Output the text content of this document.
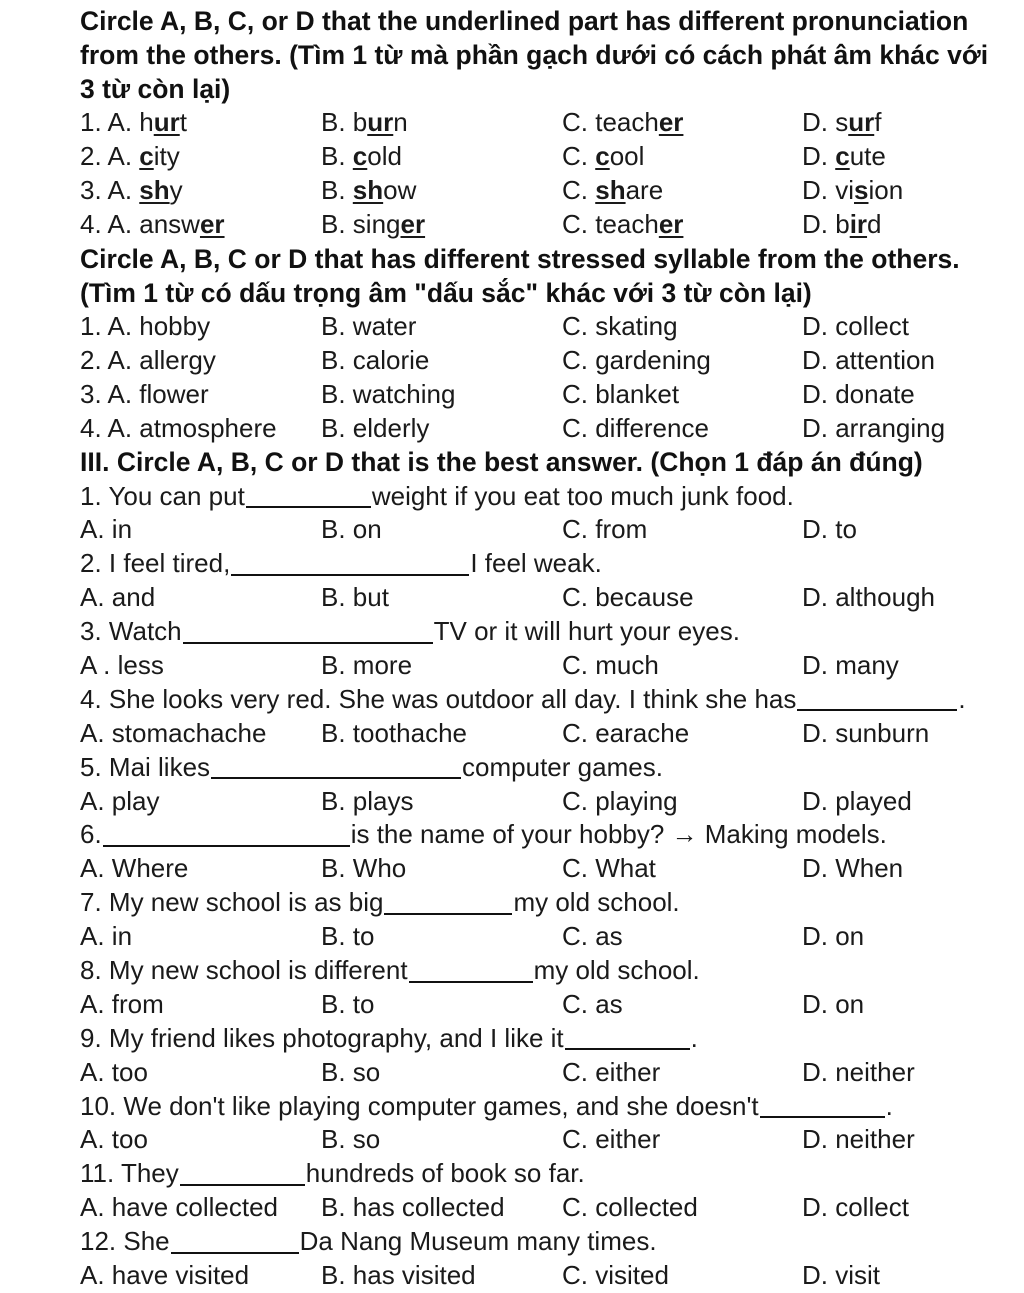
Circle A, B, C, or D that the underlined part has different pronunciation
from the others. (Tìm 1 từ mà phần gạch dưới có cách phát âm khác với
3 từ còn lại)
1. A. hurt	B. burn	C. teacher	D. surf
2. A. city	B. cold	C. cool	D. cute
3. A. shy	B. show	C. share	D. vision
4. A. answer	B. singer	C. teacher	D. bird
Circle A, B, C or D that has different stressed syllable from the others.
(Tìm 1 từ có dấu trọng âm "dấu sắc" khác với 3 từ còn lại)
1. A. hobby	B. water	C. skating	D. collect
2. A. allergy	B. calorie	C. gardening	D. attention
3. A. flower	B. watching	C. blanket	D. donate
4. A. atmosphere	B. elderly	C. difference	D. arranging
III. Circle A, B, C or D that is the best answer. (Chọn 1 đáp án đúng)
1. You can put	weight if you eat too much junk food.
A. in	B. on	C. from	D. to
2. I feel tired,	I feel weak.
A. and	B. but	C. because	D. although
3. Watch	TV or it will hurt your eyes.
A . less	B. more	C. much	D. many
4. She looks very red. She was outdoor all day. I think she has	.
A. stomachache	B. toothache	C. earache	D. sunburn
5. Mai likes	computer games.
A. play	B. plays	C. playing	D. played
6.	is the name of your hobby? → Making models.
A. Where	B. Who	C. What	D. When
7. My new school is as big	my old school.
A. in	B. to	C. as	D. on
8. My new school is different	my old school.
A. from	B. to	C. as	D. on
9. My friend likes photography, and I like it	.
A. too	B. so	C. either	D. neither
10. We don't like playing computer games, and she doesn't	.
A. too	B. so	C. either	D. neither
11. They	hundreds of book so far.
A. have collected	B. has collected	C. collected	D. collect
12. She	Da Nang Museum many times.
A. have visited	B. has visited	C. visited	D. visit
